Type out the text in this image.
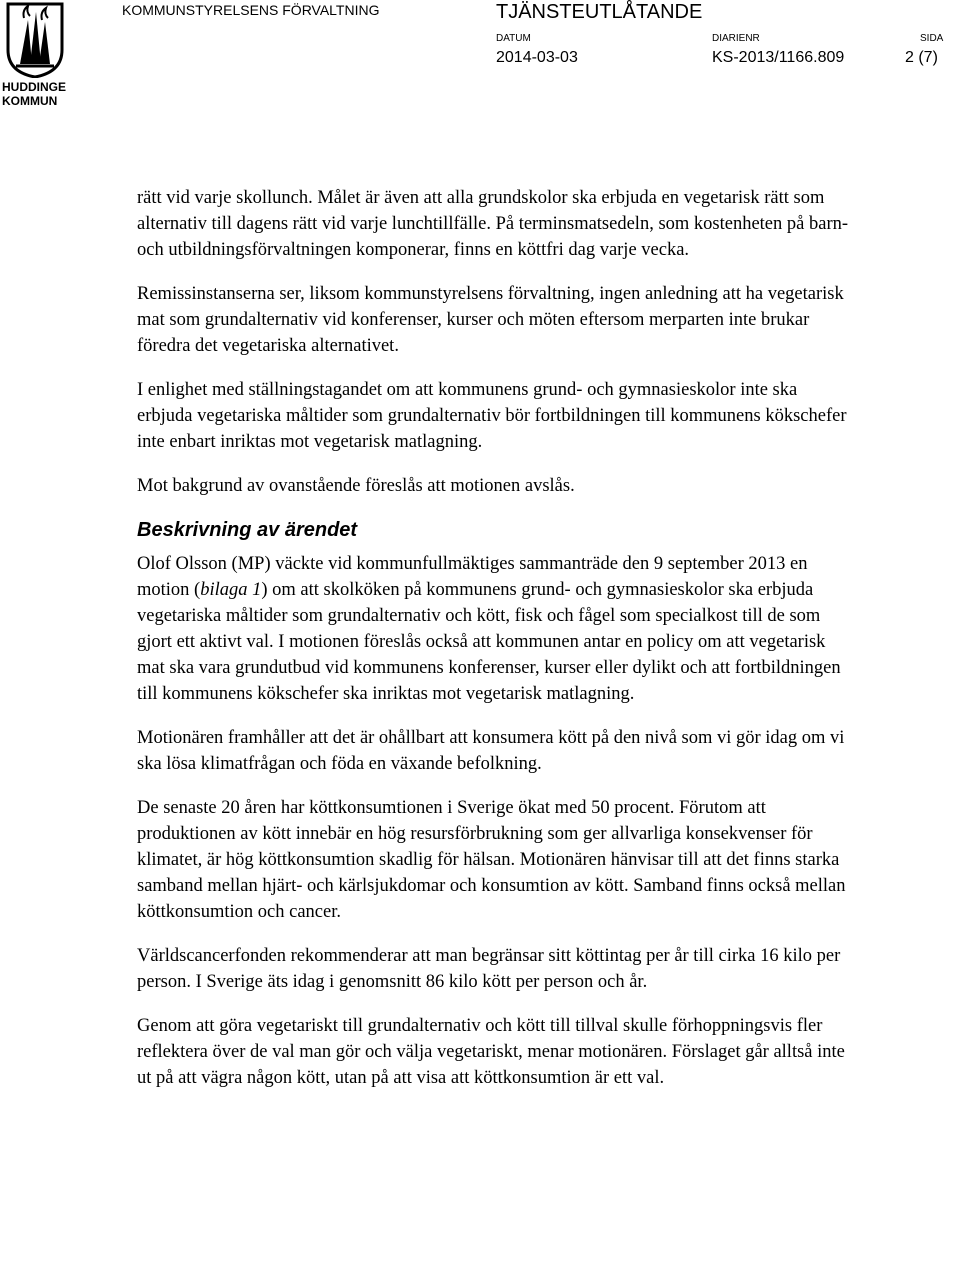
HUDDINGE
KOMMUN
KOMMUNSTYRELSENS FÖRVALTNING	TJÄNSTEUTLÅTANDE
DATUM
2014-03-03
DIARIENR
KS-2013/1166.809
SIDA
2 (7)

rätt vid varje skollunch. Målet är även att alla grundskolor ska erbjuda en vegetarisk rätt som alternativ till dagens rätt vid varje lunchtillfälle. På terminsmatsedeln, som kostenheten på barn- och utbildningsförvaltningen komponerar, finns en köttfri dag varje vecka.

Remissinstanserna ser, liksom kommunstyrelsens förvaltning, ingen anledning att ha vegetarisk mat som grundalternativ vid konferenser, kurser och möten eftersom merparten inte brukar föredra det vegetariska alternativet.

I enlighet med ställningstagandet om att kommunens grund- och gymnasieskolor inte ska erbjuda vegetariska måltider som grundalternativ bör fortbildningen till kommunens kökschefer inte enbart inriktas mot vegetarisk matlagning.

Mot bakgrund av ovanstående föreslås att motionen avslås.

Beskrivning av ärendet

Olof Olsson (MP) väckte vid kommunfullmäktiges sammanträde den 9 september 2013 en motion (bilaga 1) om att skolköken på kommunens grund- och gymnasieskolor ska erbjuda vegetariska måltider som grundalternativ och kött, fisk och fågel som specialkost till de som gjort ett aktivt val. I motionen föreslås också att kommunen antar en policy om att vegetarisk mat ska vara grundutbud vid kommunens konferenser, kurser eller dylikt och att fortbildningen till kommunens kökschefer ska inriktas mot vegetarisk matlagning.

Motionären framhåller att det är ohållbart att konsumera kött på den nivå som vi gör idag om vi ska lösa klimatfrågan och föda en växande befolkning.

De senaste 20 åren har köttkonsumtionen i Sverige ökat med 50 procent. Förutom att produktionen av kött innebär en hög resursförbrukning som ger allvarliga konsekvenser för klimatet, är hög köttkonsumtion skadlig för hälsan. Motionären hänvisar till att det finns starka samband mellan hjärt- och kärlsjukdomar och konsumtion av kött. Samband finns också mellan köttkonsumtion och cancer.

Världscancerfonden rekommenderar att man begränsar sitt köttintag per år till cirka 16 kilo per person. I Sverige äts idag i genomsnitt 86 kilo kött per person och år.

Genom att göra vegetariskt till grundalternativ och kött till tillval skulle förhoppningsvis fler reflektera över de val man gör och välja vegetariskt, menar motionären. Förslaget går alltså inte ut på att vägra någon kött, utan på att visa att köttkonsumtion är ett val.
